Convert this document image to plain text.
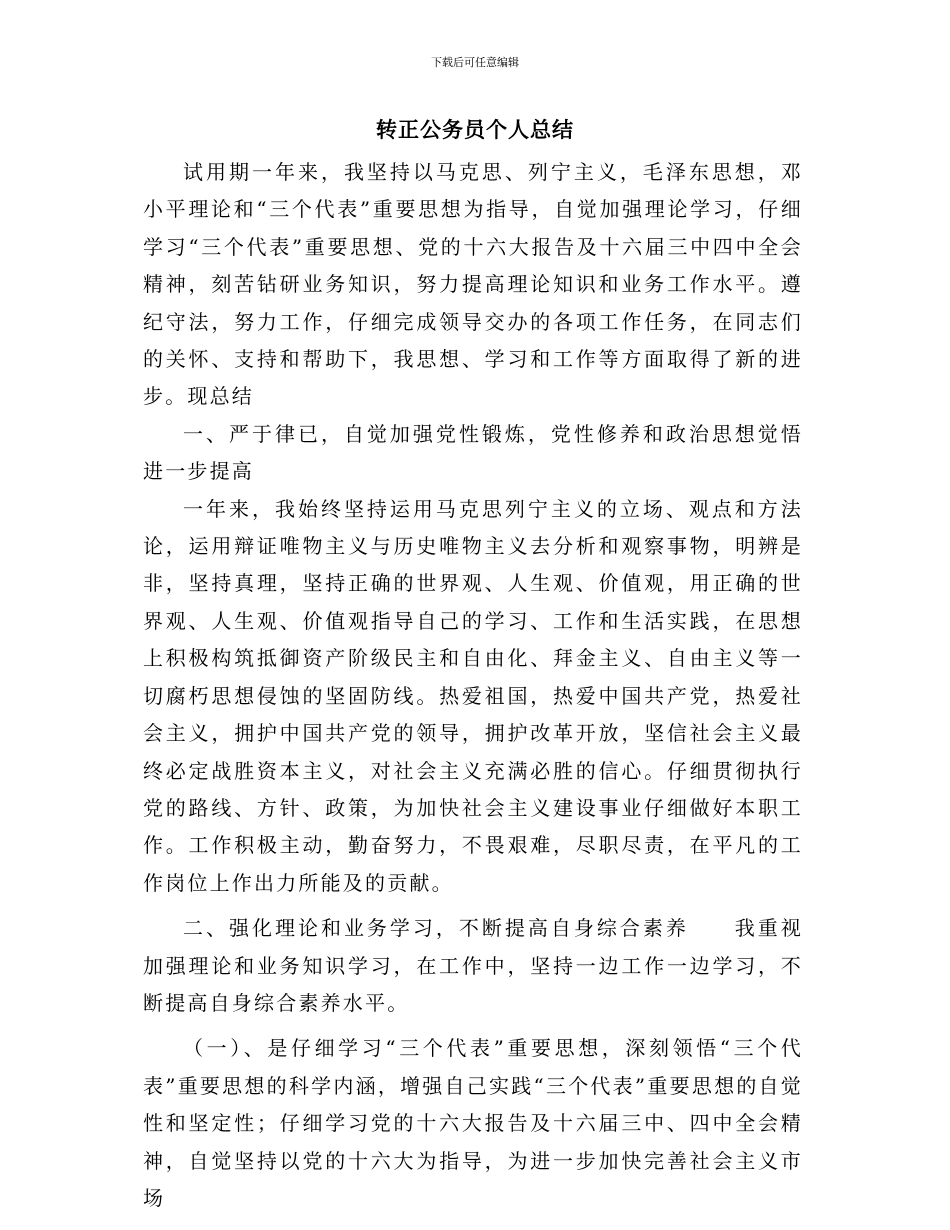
下载后可任意编辑
转正公务员个人总结

试用期一年来，我坚持以马克思、列宁主义，毛泽东思想，邓小平理论和“三个代表”重要思想为指导，自觉加强理论学习，仔细学习“三个代表”重要思想、党的十六大报告及十六届三中四中全会精神，刻苦钻研业务知识，努力提高理论知识和业务工作水平。遵纪守法，努力工作，仔细完成领导交办的各项工作任务，在同志们的关怀、支持和帮助下，我思想、学习和工作等方面取得了新的进步。现总结

一、严于律已，自觉加强党性锻炼，党性修养和政治思想觉悟进一步提高

一年来，我始终坚持运用马克思列宁主义的立场、观点和方法论，运用辩证唯物主义与历史唯物主义去分析和观察事物，明辨是非，坚持真理，坚持正确的世界观、人生观、价值观，用正确的世界观、人生观、价值观指导自己的学习、工作和生活实践，在思想上积极构筑抵御资产阶级民主和自由化、拜金主义、自由主义等一切腐朽思想侵蚀的坚固防线。热爱祖国，热爱中国共产党，热爱社会主义，拥护中国共产党的领导，拥护改革开放，坚信社会主义最终必定战胜资本主义，对社会主义充满必胜的信心。仔细贯彻执行党的路线、方针、政策，为加快社会主义建设事业仔细做好本职工作。工作积极主动，勤奋努力，不畏艰难，尽职尽责，在平凡的工作岗位上作出力所能及的贡献。

二、强化理论和业务学习，不断提高自身综合素养　　我重视加强理论和业务知识学习，在工作中，坚持一边工作一边学习，不断提高自身综合素养水平。

（一）、是仔细学习“三个代表”重要思想，深刻领悟“三个代表”重要思想的科学内涵，增强自己实践“三个代表”重要思想的自觉性和坚定性；仔细学习党的十六大报告及十六届三中、四中全会精神，自觉坚持以党的十六大为指导，为进一步加快完善社会主义市场
